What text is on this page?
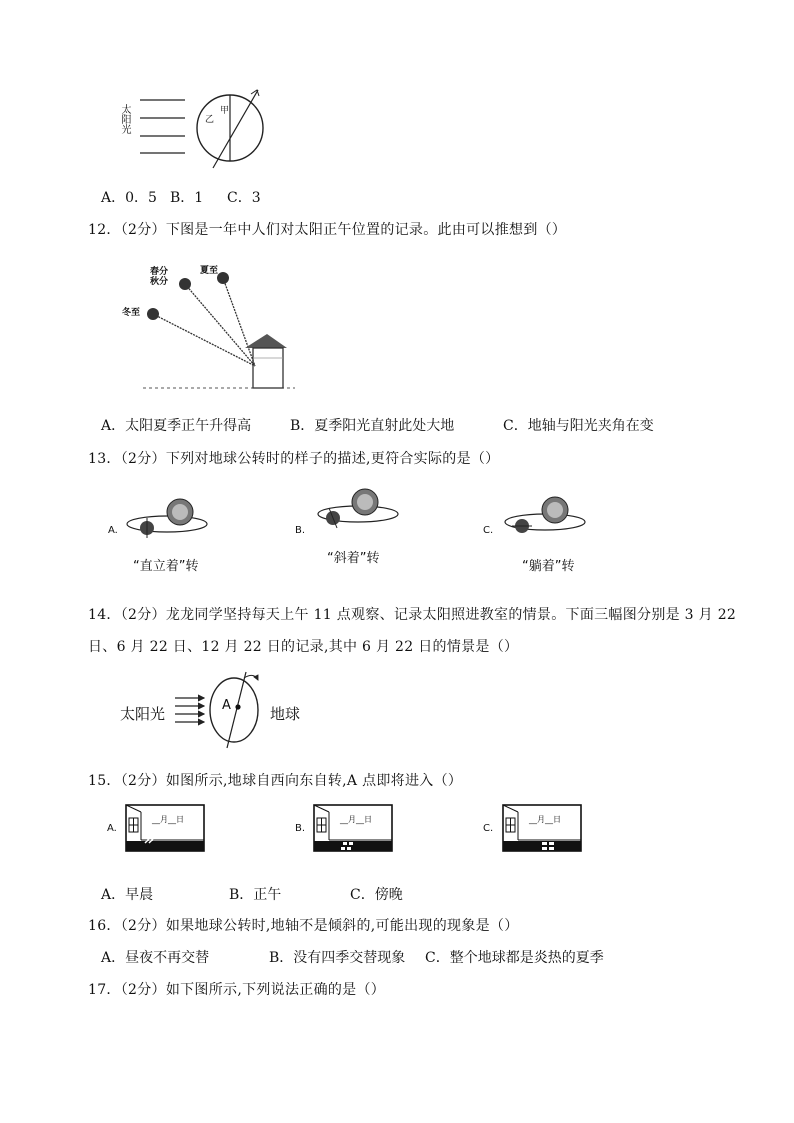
太阳光	甲
乙
A．0．5 B．1 C．3
12．（2分）下图是一年中人们对太阳正午位置的记录。此由可以推想到（）
春分
秋分
夏至
冬至
A．太阳夏季正午升得高	B．夏季阳光直射此处大地	C．地轴与阳光夹角在变
13．（2分）下列对地球公转时的样子的描述,更符合实际的是（）
A.
“直立着”转
B.
“斜着”转
C.
“躺着”转
14．（2分）龙龙同学坚持每天上午 11 点观察、记录太阳照进教室的情景。下面三幅图分别是 3 月 22
日、6 月 22 日、12 月 22 日的记录,其中 6 月 22 日的情景是（）
太阳光	A	地球
15．（2分）如图所示,地球自西向东自转,A 点即将进入（）
A.
__月__日
B.
__月__日
C.
__月__日
A．早晨	B．正午	C．傍晚
16．（2分）如果地球公转时,地轴不是倾斜的,可能出现的现象是（）
A．昼夜不再交替	B．没有四季交替现象 C．整个地球都是炎热的夏季
17．（2分）如下图所示,下列说法正确的是（）
